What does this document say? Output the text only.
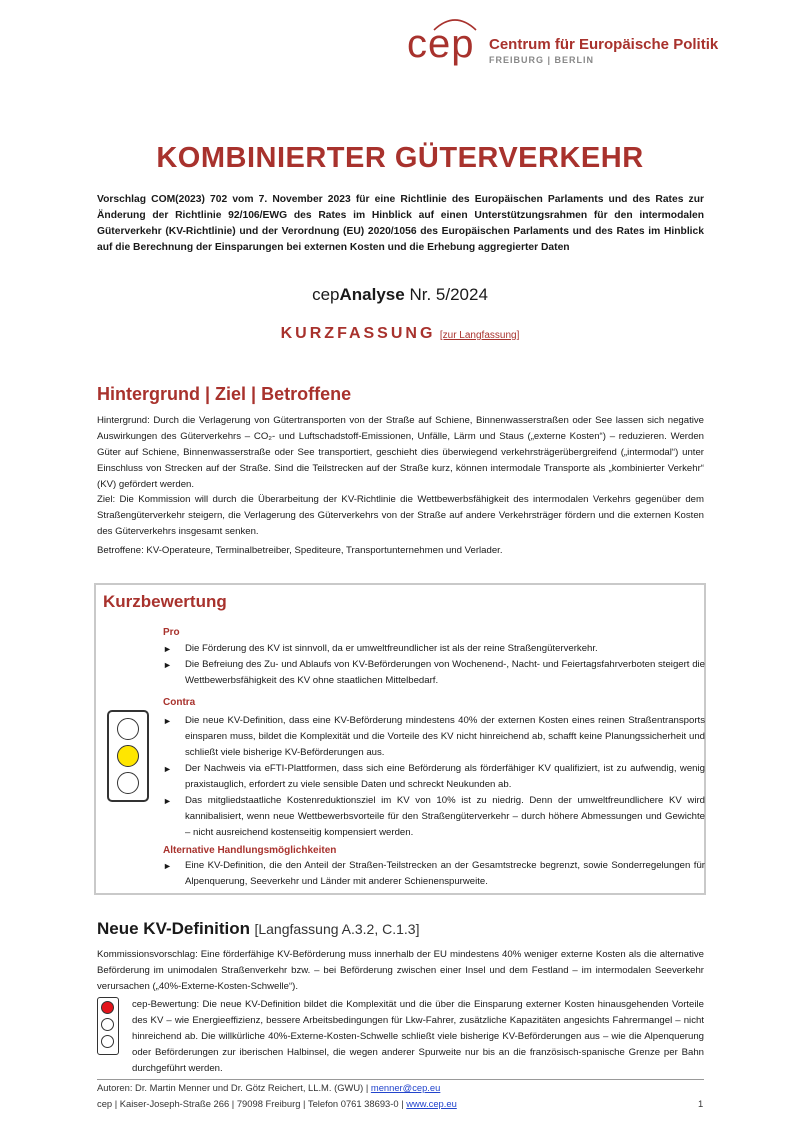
cep Centrum für Europäische Politik
FREIBURG | BERLIN
KOMBINIERTER GÜTERVERKEHR
Vorschlag COM(2023) 702 vom 7. November 2023 für eine Richtlinie des Europäischen Parlaments und des Rates zur Änderung der Richtlinie 92/106/EWG des Rates im Hinblick auf einen Unterstützungsrahmen für den intermodalen Güterverkehr (KV-Richtlinie) und der Verordnung (EU) 2020/1056 des Europäischen Parlaments und des Rates im Hinblick auf die Berechnung der Einsparungen bei externen Kosten und die Erhebung aggregierter Daten
cepAnalyse Nr. 5/2024
KURZFASSUNG [zur Langfassung]
Hintergrund | Ziel | Betroffene
Hintergrund: Durch die Verlagerung von Gütertransporten von der Straße auf Schiene, Binnenwasserstraßen oder See lassen sich negative Auswirkungen des Güterverkehrs – CO₂- und Luftschadstoff-Emissionen, Unfälle, Lärm und Staus („externe Kosten“) – reduzieren. Werden Güter auf Schiene, Binnenwasserstraße oder See transportiert, geschieht dies überwiegend verkehrsträgerübergreifend („intermodal“) unter Einschluss von Strecken auf der Straße. Sind die Teilstrecken auf der Straße kurz, können intermodale Transporte als „kombinierter Verkehr“ (KV) gefördert werden.
Ziel: Die Kommission will durch die Überarbeitung der KV-Richtlinie die Wettbewerbsfähigkeit des intermodalen Verkehrs gegenüber dem Straßengüterverkehr steigern, die Verlagerung des Güterverkehrs von der Straße auf andere Verkehrsträger fördern und die externen Kosten des Güterverkehrs insgesamt senken.
Betroffene: KV-Operateure, Terminalbetreiber, Spediteure, Transportunternehmen und Verlader.
Kurzbewertung
Pro
► Die Förderung des KV ist sinnvoll, da er umweltfreundlicher ist als der reine Straßengüterverkehr.
► Die Befreiung des Zu- und Ablaufs von KV-Beförderungen von Wochenend-, Nacht- und Feiertagsfahrverboten steigert die Wettbewerbsfähigkeit des KV ohne staatlichen Mittelbedarf.
Contra
► Die neue KV-Definition, dass eine KV-Beförderung mindestens 40% der externen Kosten eines reinen Straßentransports einsparen muss, bildet die Komplexität und die Vorteile des KV nicht hinreichend ab, schafft keine Planungssicherheit und schließt viele bisherige KV-Beförderungen aus.
► Der Nachweis via eFTI-Plattformen, dass sich eine Beförderung als förderfähiger KV qualifiziert, ist zu aufwendig, wenig praxistauglich, erfordert zu viele sensible Daten und schreckt Neukunden ab.
► Das mitgliedstaatliche Kostenreduktionsziel im KV von 10% ist zu niedrig. Denn der umweltfreundlichere KV wird kannibalisiert, wenn neue Wettbewerbsvorteile für den Straßengüterverkehr – durch höhere Abmessungen und Gewichte – nicht ausreichend kostenseitig kompensiert werden.
Alternative Handlungsmöglichkeiten
► Eine KV-Definition, die den Anteil der Straßen-Teilstrecken an der Gesamtstrecke begrenzt, sowie Sonderregelungen für Alpenquerung, Seeverkehr und Länder mit anderer Schienenspurweite.
Neue KV-Definition [Langfassung A.3.2, C.1.3]
Kommissionsvorschlag: Eine förderfähige KV-Beförderung muss innerhalb der EU mindestens 40% weniger externe Kosten als die alternative Beförderung im unimodalen Straßenverkehr bzw. – bei Beförderung zwischen einer Insel und dem Festland – im intermodalen Seeverkehr verursachen („40%-Externe-Kosten-Schwelle“).
cep-Bewertung: Die neue KV-Definition bildet die Komplexität und die über die Einsparung externer Kosten hinausgehenden Vorteile des KV – wie Energieeffizienz, bessere Arbeitsbedingungen für Lkw-Fahrer, zusätzliche Kapazitäten angesichts Fahrermangel – nicht hinreichend ab. Die willkürliche 40%-Externe-Kosten-Schwelle schließt viele bisherige KV-Beförderungen aus – wie die Alpenquerung oder Beförderungen zur iberischen Halbinsel, die wegen anderer Spurweite nur bis an die französisch-spanische Grenze per Bahn durchgeführt werden.
Autoren: Dr. Martin Menner und Dr. Götz Reichert, LL.M. (GWU) | menner@cep.eu
cep | Kaiser-Joseph-Straße 266 | 79098 Freiburg | Telefon 0761 38693-0 | www.cep.eu	1
